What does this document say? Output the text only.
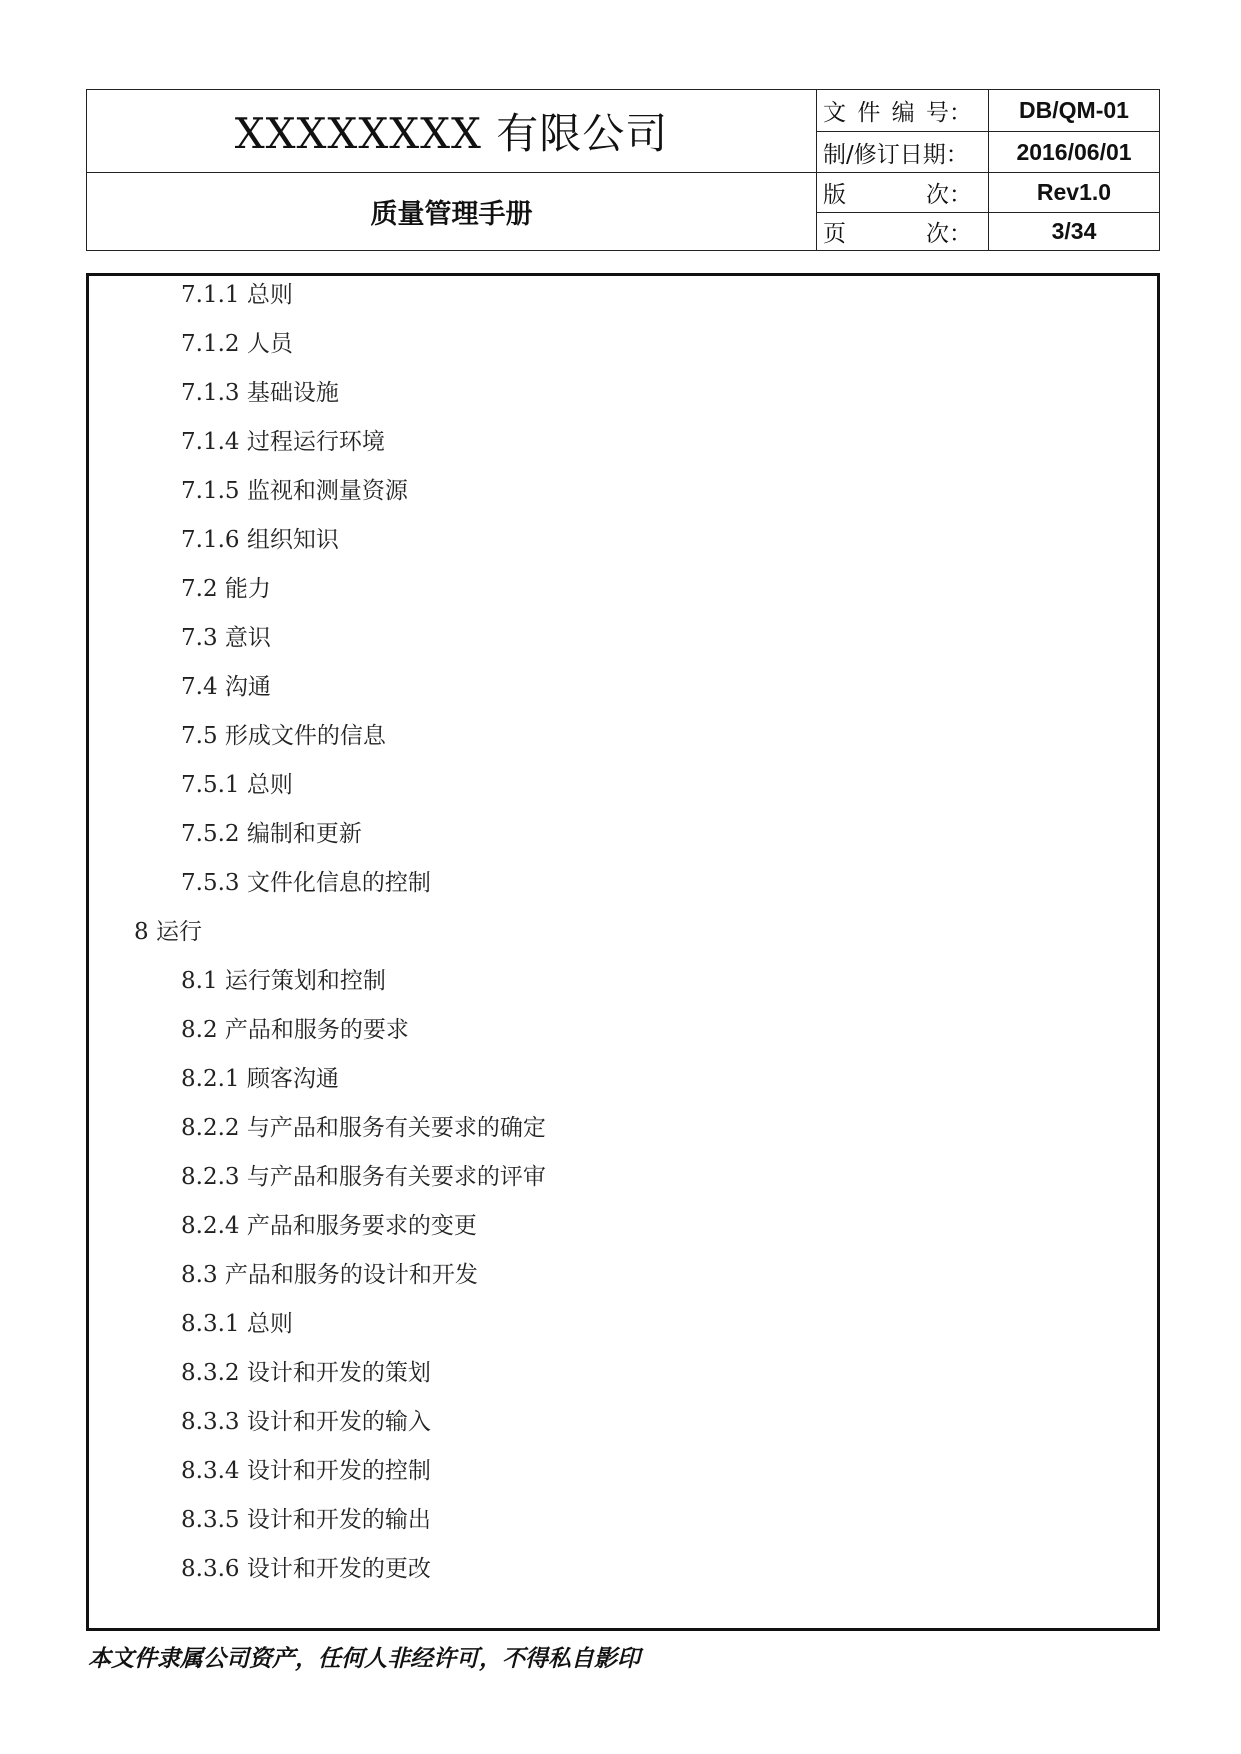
XXXXXXXX 有限公司
质量管理手册
文 件 编 号：	DB/QM-01
制/修订日期：	2016/06/01
版	次：	Rev1.0
页	次：	3/34
7.1.1 总则
7.1.2 人员
7.1.3 基础设施
7.1.4 过程运行环境
7.1.5 监视和测量资源
7.1.6 组织知识
7.2 能力
7.3 意识
7.4 沟通
7.5 形成文件的信息
7.5.1 总则
7.5.2 编制和更新
7.5.3 文件化信息的控制
8 运行
8.1 运行策划和控制
8.2 产品和服务的要求
8.2.1 顾客沟通
8.2.2 与产品和服务有关要求的确定
8.2.3 与产品和服务有关要求的评审
8.2.4 产品和服务要求的变更
8.3 产品和服务的设计和开发
8.3.1 总则
8.3.2 设计和开发的策划
8.3.3 设计和开发的输入
8.3.4 设计和开发的控制
8.3.5 设计和开发的输出
8.3.6 设计和开发的更改
本文件隶属公司资产，任何人非经许可，不得私自影印
